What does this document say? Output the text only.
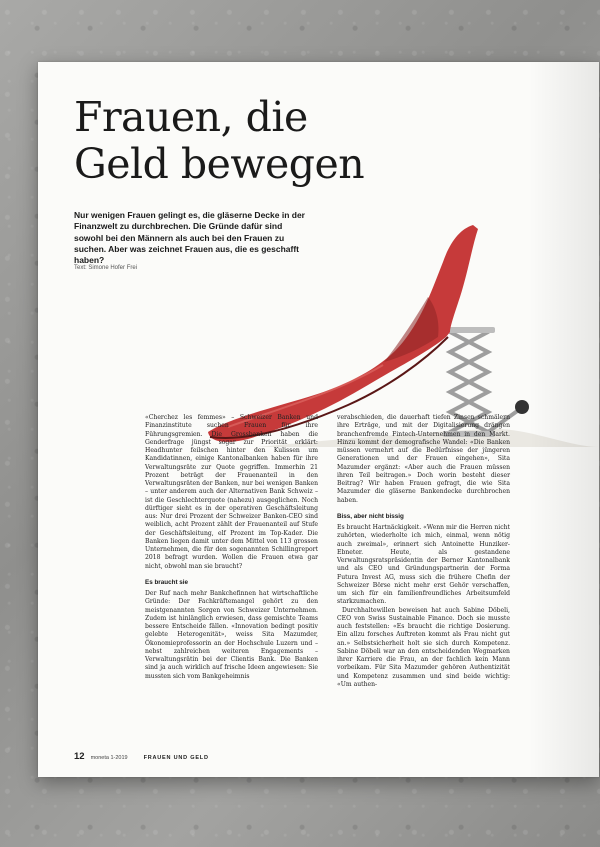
Frauen, die
Geld bewegen

Nur wenigen Frauen gelingt es, die gläserne Decke in der Finanzwelt zu durchbrechen. Die Gründe dafür sind sowohl bei den Männern als auch bei den Frauen zu suchen. Aber was zeichnet Frauen aus, die es geschafft haben?

Text: Simone Hofer Frei

«Cherchez les femmes» – Schweizer Banken und Finanzinstitute suchen Frauen für ihre Führungsgremien. Die Grossbanken haben die Genderfrage jüngst sogar zur Priorität erklärt: Headhunter feilschen hinter den Kulissen um Kandidatinnen, einige Kantonalbanken haben für ihre Verwaltungsräte zur Quote gegriffen. Immerhin 21 Prozent beträgt der Frauenanteil in den Verwaltungsräten der Banken, nur bei wenigen Banken – unter anderem auch der Alternativen Bank Schweiz – ist die Geschlechterquote (nahezu) ausgeglichen. Noch dürftiger sieht es in der operativen Geschäftsleitung aus: Nur drei Prozent der Schweizer Banken-CEO sind weiblich, acht Prozent zählt der Frauenanteil auf Stufe der Geschäftsleitung, elf Prozent im Top-Kader. Die Banken liegen damit unter dem Mittel von 113 grossen Unternehmen, die für den sogenannten Schillingreport 2018 befragt wurden. Wollen die Frauen etwa gar nicht, obwohl man sie braucht?

Es braucht sie

Der Ruf nach mehr Bankchefinnen hat wirtschaftliche Gründe: Der Fachkräftemangel gehört zu den meistgenannten Sorgen von Schweizer Unternehmen. Zudem ist hinlänglich erwiesen, dass gemischte Teams bessere Entscheide fällen. «Innovation bedingt positiv gelebte Heterogenität», weiss Sita Mazumder, Ökonomieprofessorin an der Hochschule Luzern und – nebst zahlreichen weiteren Engagements – Verwaltungsrätin bei der Clientis Bank. Die Banken sind ja auch wirklich auf frische Ideen angewiesen: Sie mussten sich vom Bankgeheimnis

verabschieden, die dauerhaft tiefen Zinsen schmälern ihre Erträge, und mit der Digitalisierung drängen branchenfremde Fintech-Unternehmen in den Markt. Hinzu kommt der demografische Wandel: «Die Banken müssen vermehrt auf die Bedürfnisse der jüngeren Generationen und der Frauen eingehen», Sita Mazumder ergänzt: «Aber auch die Frauen müssen ihren Teil beitragen.» Doch worin besteht dieser Beitrag? Wir haben Frauen gefragt, die wie Sita Mazumder die gläserne Bankendecke durchbrochen haben.

Biss, aber nicht bissig

Es braucht Hartnäckigkeit. «Wenn mir die Herren nicht zuhörten, wiederholte ich mich, einmal, wenn nötig auch zweimal», erinnert sich Antoinette Hunziker-Ebneter. Heute, als gestandene Verwaltungsratspräsidentin der Berner Kantonalbank und als CEO und Gründungspartnerin der Forma Futura Invest AG, muss sich die frühere Chefin der Schweizer Börse nicht mehr erst Gehör verschaffen, um sich für ein familienfreundliches Arbeitsumfeld starkzumachen.

Durchhaltewillen beweisen hat auch Sabine Döbeli, CEO von Swiss Sustainable Finance. Doch sie musste auch feststellen: «Es braucht die richtige Dosierung. Ein allzu forsches Auftreten kommt als Frau nicht gut an.» Selbstsicherheit holt sie sich durch Kompetenz. Sabine Döbeli war an den entscheidenden Wegmarken ihrer Karriere die Frau, an der fachlich kein Mann vorbeikam. Für Sita Mazumder gehören Authentizität und Kompetenz zusammen und sind beide wichtig: «Um authen-

12 moneta 1-2019	FRAUEN UND GELD
